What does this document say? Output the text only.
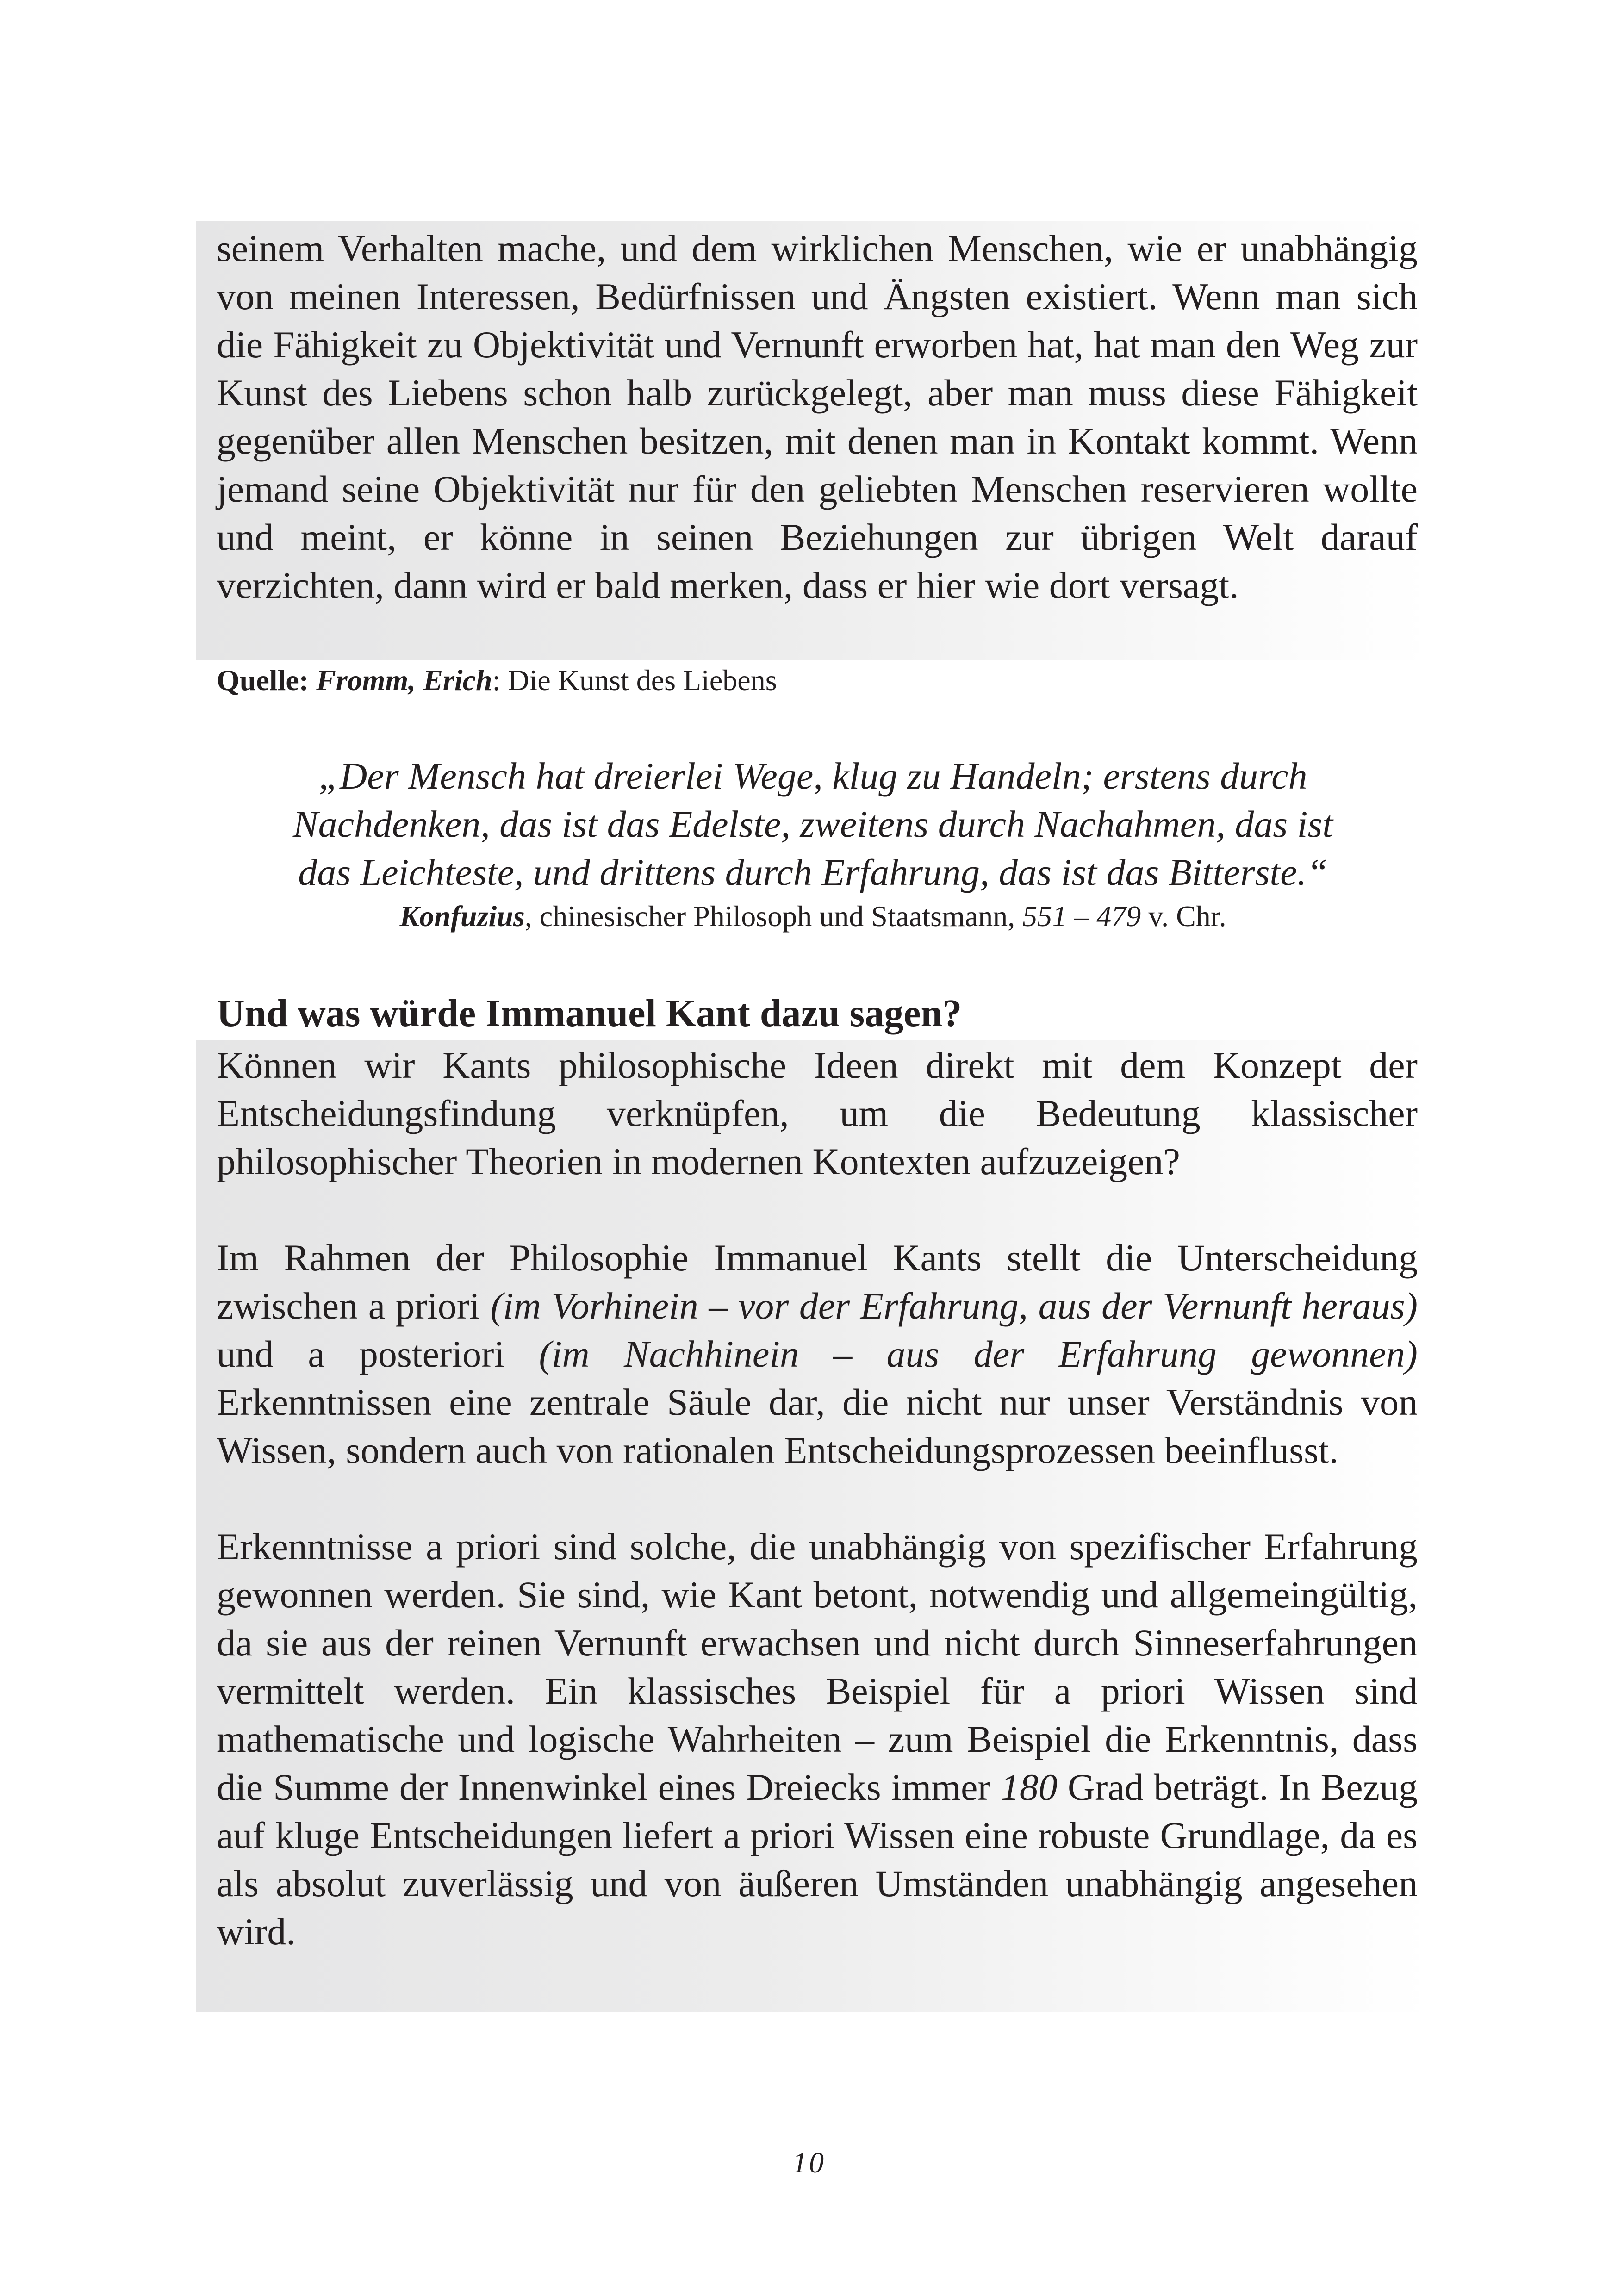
seinem Verhalten mache, und dem wirklichen Menschen, wie er unabhängig von meinen Interessen, Bedürfnissen und Ängsten existiert. Wenn man sich die Fähigkeit zu Objektivität und Vernunft erworben hat, hat man den Weg zur Kunst des Liebens schon halb zurückgelegt, aber man muss diese Fähigkeit gegenüber allen Menschen besitzen, mit denen man in Kontakt kommt. Wenn jemand seine Objektivität nur für den geliebten Menschen reservieren wollte und meint, er könne in seinen Beziehungen zur übrigen Welt darauf verzichten, dann wird er bald merken, dass er hier wie dort versagt.

Quelle: Fromm, Erich: Die Kunst des Liebens
„Der Mensch hat dreierlei Wege, klug zu Handeln; erstens durch
Nachdenken, das ist das Edelste, zweitens durch Nachahmen, das ist
das Leichteste, und drittens durch Erfahrung, das ist das Bitterste.“
Konfuzius, chinesischer Philosoph und Staatsmann, 551 – 479 v. Chr.
Und was würde Immanuel Kant dazu sagen?

Können wir Kants philosophische Ideen direkt mit dem Konzept der Entscheidungsfindung verknüpfen, um die Bedeutung klassischer philosophischer Theorien in modernen Kontexten aufzuzeigen?

Im Rahmen der Philosophie Immanuel Kants stellt die Unterscheidung zwischen a priori (im Vorhinein – vor der Erfahrung, aus der Vernunft heraus) und a posteriori (im Nachhinein – aus der Erfahrung gewonnen) Erkenntnissen eine zentrale Säule dar, die nicht nur unser Verständnis von Wissen, sondern auch von rationalen Entscheidungsprozessen beeinflusst.

Erkenntnisse a priori sind solche, die unabhängig von spezifischer Erfahrung gewonnen werden. Sie sind, wie Kant betont, notwendig und allgemeingültig, da sie aus der reinen Vernunft erwachsen und nicht durch Sinneserfahrungen vermittelt werden. Ein klassisches Beispiel für a priori Wissen sind mathematische und logische Wahrheiten – zum Beispiel die Erkenntnis, dass die Summe der Innenwinkel eines Dreiecks immer 180 Grad beträgt. In Bezug auf kluge Entscheidungen liefert a priori Wissen eine robuste Grundlage, da es als absolut zuverlässig und von äußeren Umständen unabhängig angesehen wird.

10
